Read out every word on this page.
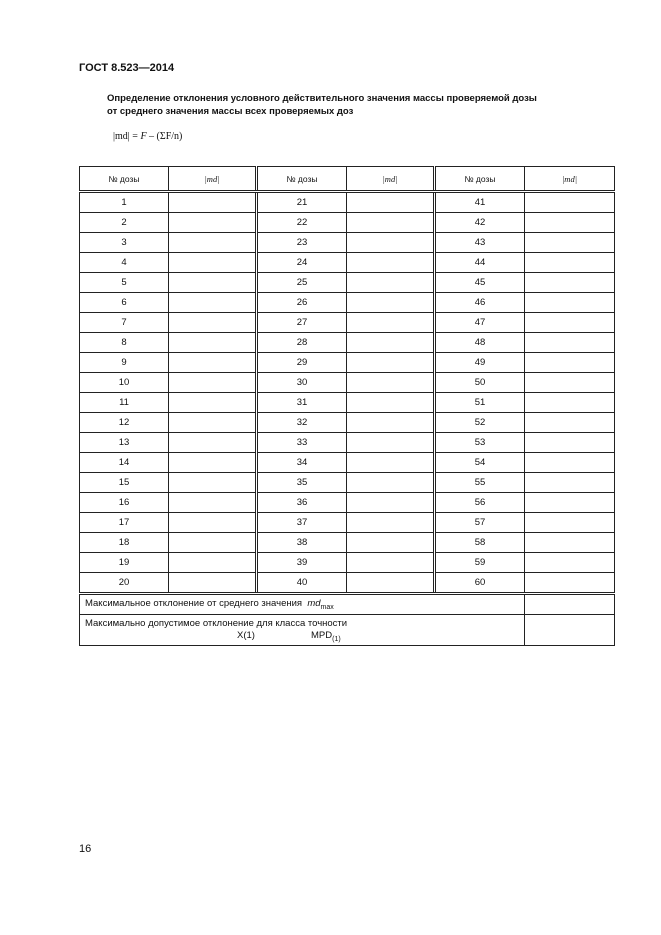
ГОСТ 8.523—2014
Определение отклонения условного действительного значения массы проверяемой дозы
от среднего значения массы всех проверяемых доз
|md| = F – (ΣF/n)
№ дозы	|md|	№ дозы	|md|	№ дозы	|md|
1		21		41	
2		22		42	
3		23		43	
4		24		44	
5		25		45	
6		26		46	
7		27		47	
8		28		48	
9		29		49	
10		30		50	
11		31		51	
12		32		52	
13		33		53	
14		34		54	
15		35		55	
16		36		56	
17		37		57	
18		38		58	
19		39		59	
20		40		60	
Максимальное отклонение от среднего значения $md_{max}$	

Максимально допустимое отклонение для класса точности

X(1) $MPD_{(1)}$

16
